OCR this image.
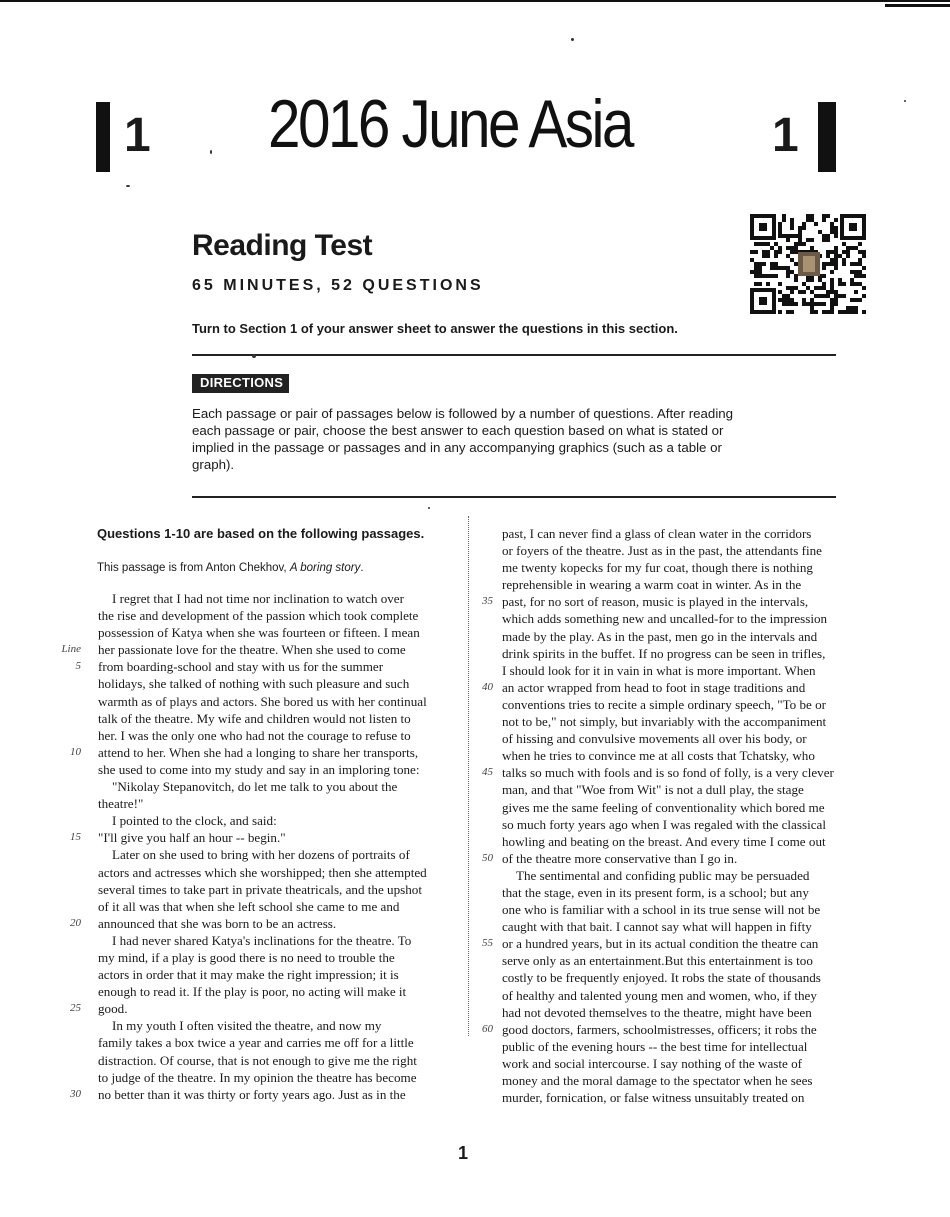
1 2016 June Asia	1
Reading Test
65 MINUTES, 52 QUESTIONS
Turn to Section 1 of your answer sheet to answer the questions in this section.
DIRECTIONS
Each passage or pair of passages below is followed by a number of questions. After reading each passage or pair, choose the best answer to each question based on what is stated or implied in the passage or passages and in any accompanying graphics (such as a table or graph).
Questions 1-10 are based on the following passages.
This passage is from Anton Chekhov, A boring story.
I regret that I had not time nor inclination to watch over
the rise and development of the passion which took complete
possession of Katya when she was fourteen or fifteen. I mean
Line her passionate love for the theatre. When she used to come
5 from boarding-school and stay with us for the summer
holidays, she talked of nothing with such pleasure and such
warmth as of plays and actors. She bored us with her continual
talk of the theatre. My wife and children would not listen to
her. I was the only one who had not the courage to refuse to
10 attend to her. When she had a longing to share her transports,
she used to come into my study and say in an imploring tone:
"Nikolay Stepanovitch, do let me talk to you about the
theatre!"
I pointed to the clock, and said:
15 "I'll give you half an hour -- begin."
Later on she used to bring with her dozens of portraits of
actors and actresses which she worshipped; then she attempted
several times to take part in private theatricals, and the upshot
of it all was that when she left school she came to me and
20 announced that she was born to be an actress.
I had never shared Katya's inclinations for the theatre. To
my mind, if a play is good there is no need to trouble the
actors in order that it may make the right impression; it is
enough to read it. If the play is poor, no acting will make it
25 good.
In my youth I often visited the theatre, and now my
family takes a box twice a year and carries me off for a little
distraction. Of course, that is not enough to give me the right
to judge of the theatre. In my opinion the theatre has become
30 no better than it was thirty or forty years ago. Just as in the
past, I can never find a glass of clean water in the corridors
or foyers of the theatre. Just as in the past, the attendants fine
me twenty kopecks for my fur coat, though there is nothing
reprehensible in wearing a warm coat in winter. As in the
35 past, for no sort of reason, music is played in the intervals,
which adds something new and uncalled-for to the impression
made by the play. As in the past, men go in the intervals and
drink spirits in the buffet. If no progress can be seen in trifles,
I should look for it in vain in what is more important. When
40 an actor wrapped from head to foot in stage traditions and
conventions tries to recite a simple ordinary speech, "To be or
not to be," not simply, but invariably with the accompaniment
of hissing and convulsive movements all over his body, or
when he tries to convince me at all costs that Tchatsky, who
45 talks so much with fools and is so fond of folly, is a very clever
man, and that "Woe from Wit" is not a dull play, the stage
gives me the same feeling of conventionality which bored me
so much forty years ago when I was regaled with the classical
howling and beating on the breast. And every time I come out
50 of the theatre more conservative than I go in.
The sentimental and confiding public may be persuaded
that the stage, even in its present form, is a school; but any
one who is familiar with a school in its true sense will not be
caught with that bait. I cannot say what will happen in fifty
55 or a hundred years, but in its actual condition the theatre can
serve only as an entertainment.But this entertainment is too
costly to be frequently enjoyed. It robs the state of thousands
of healthy and talented young men and women, who, if they
had not devoted themselves to the theatre, might have been
60 good doctors, farmers, schoolmistresses, officers; it robs the
public of the evening hours -- the best time for intellectual
work and social intercourse. I say nothing of the waste of
money and the moral damage to the spectator when he sees
murder, fornication, or false witness unsuitably treated on
1
